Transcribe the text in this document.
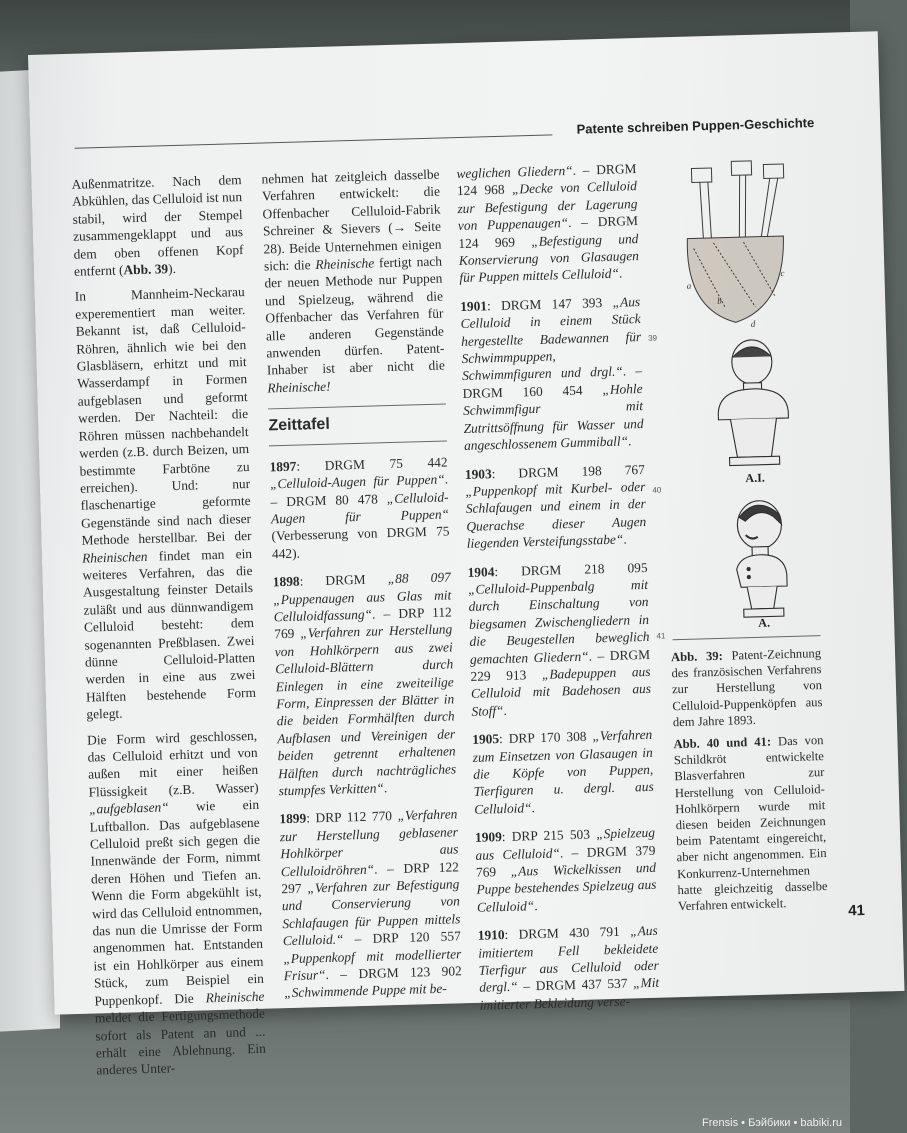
Patente schreiben Puppen-Geschichte

Außenmatritze. Nach dem Abkühlen, das Celluloid ist nun stabil, wird der Stempel zusammengeklappt und aus dem oben offenen Kopf entfernt (Abb. 39).

In Mannheim-Neckarau experementiert man weiter. Bekannt ist, daß Celluloid-Röhren, ähnlich wie bei den Glasbläsern, erhitzt und mit Wasserdampf in Formen aufgeblasen und geformt werden. Der Nachteil: die Röhren müssen nachbehandelt werden (z.B. durch Beizen, um bestimmte Farbtöne zu erreichen). Und: nur flaschenartige geformte Gegenstände sind nach dieser Methode herstellbar. Bei der Rheinischen findet man ein weiteres Verfahren, das die Ausgestaltung feinster Details zuläßt und aus dünnwandigem Celluloid besteht: dem sogenannten Preßblasen. Zwei dünne Celluloid-Platten werden in eine aus zwei Hälften bestehende Form gelegt.

Die Form wird geschlossen, das Celluloid erhitzt und von außen mit einer heißen Flüssigkeit (z.B. Wasser) „aufgeblasen“ wie ein Luftballon. Das aufgeblasene Celluloid preßt sich gegen die Innenwände der Form, nimmt deren Höhen und Tiefen an. Wenn die Form abgekühlt ist, wird das Celluloid entnommen, das nun die Umrisse der Form angenommen hat. Entstanden ist ein Hohlkörper aus einem Stück, zum Beispiel ein Puppenkopf. Die Rheinische meldet die Fertigungsmethode sofort als Patent an und ... erhält eine Ablehnung. Ein anderes Unter-

nehmen hat zeitgleich dasselbe Verfahren entwickelt: die Offenbacher Celluloid-Fabrik Schreiner & Sievers (→ Seite 28). Beide Unternehmen einigen sich: die Rheinische fertigt nach der neuen Methode nur Puppen und Spielzeug, während die Offenbacher das Verfahren für alle anderen Gegenstände anwenden dürfen. Patent-Inhaber ist aber nicht die Rheinische!

Zeittafel

1897: DRGM 75 442 „Celluloid-Augen für Puppen“. – DRGM 80 478 „Celluloid-Augen für Puppen“ (Verbesserung von DRGM 75 442).

1898: DRGM „88 097 „Puppenaugen aus Glas mit Celluloidfassung“. – DRP 112 769 „Verfahren zur Herstellung von Hohlkörpern aus zwei Celluloid-Blättern durch Einlegen in eine zweiteilige Form, Einpressen der Blätter in die beiden Formhälften durch Aufblasen und Vereinigen der beiden getrennt erhaltenen Hälften durch nachträgliches stumpfes Verkitten“.

1899: DRP 112 770 „Verfahren zur Herstellung geblasener Hohlkörper aus Celluloidröhren“. – DRP 122 297 „Verfahren zur Befestigung und Conservierung von Schlafaugen für Puppen mittels Celluloid.“ – DRP 120 557 „Puppenkopf mit modellierter Frisur“. – DRGM 123 902 „Schwimmende Puppe mit be-

weglichen Gliedern“. – DRGM 124 968 „Decke von Celluloid zur Befestigung der Lagerung von Puppenaugen“. – DRGM 124 969 „Befestigung und Konservierung von Glasaugen für Puppen mittels Celluloid“.

1901: DRGM 147 393 „Aus Celluloid in einem Stück hergestellte Badewannen für Schwimmpuppen, Schwimmfiguren und drgl.“. – DRGM 160 454 „Hohle Schwimmfigur mit Zutrittsöffnung für Wasser und angeschlossenem Gummiball“.

1903: DRGM 198 767 „Puppenkopf mit Kurbel- oder Schlafaugen und einem in der Querachse dieser Augen liegenden Versteifungsstabe“.

1904: DRGM 218 095 „Celluloid-Puppenbalg mit durch Einschaltung von biegsamen Zwischengliedern in die Beugestellen beweglich gemachten Gliedern“. – DRGM 229 913 „Badepuppen aus Celluloid mit Badehosen aus Stoff“.

1905: DRP 170 308 „Verfahren zum Einsetzen von Glasaugen in die Köpfe von Puppen, Tierfiguren u. dergl. aus Celluloid“.

1909: DRP 215 503 „Spielzeug aus Celluloid“. – DRGM 379 769 „Aus Wickelkissen und Puppe bestehendes Spielzeug aus Celluloid“.

1910: DRGM 430 791 „Aus imitiertem Fell bekleidete Tierfigur aus Celluloid oder dergl.“ – DRGM 437 537 „Mit imitierter Bekleidung verse-

a
b
c
d
A.I.
A.
39
40
41

Abb. 39: Patent-Zeichnung des französischen Verfahrens zur Herstellung von Celluloid-Puppenköpfen aus dem Jahre 1893.

Abb. 40 und 41: Das von Schildkröt entwickelte Blasverfahren zur Herstellung von Celluloid-Hohlkörpern wurde mit diesen beiden Zeichnungen beim Patentamt eingereicht, aber nicht angenommen. Ein Konkurrenz-Unternehmen hatte gleichzeitig dasselbe Verfahren entwickelt.	41
Frensis • Бэйбики • babiki.ru
